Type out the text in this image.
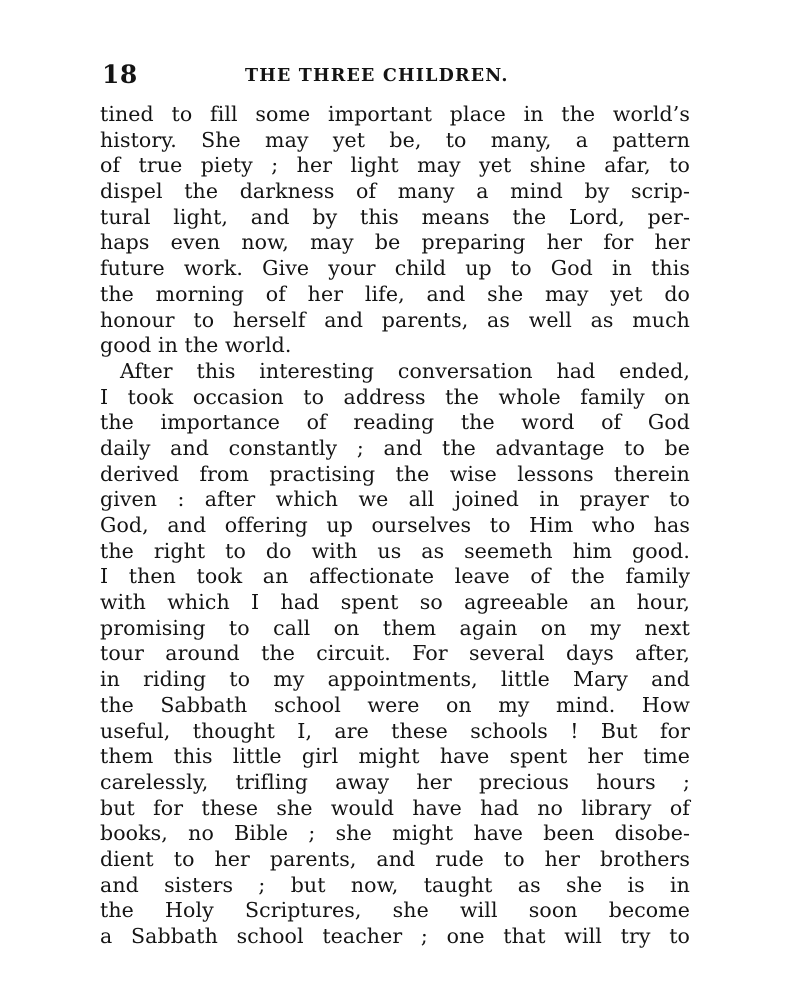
18	THE THREE CHILDREN.
tined to fill some important place in the world’s
history. She may yet be, to many, a pattern
of true piety ; her light may yet shine afar, to
dispel the darkness of many a mind by scrip-
tural light, and by this means the Lord, per-
haps even now, may be preparing her for her
future work. Give your child up to God in this
the morning of her life, and she may yet do
honour to herself and parents, as well as much
good in the world.
After this interesting conversation had ended,
I took occasion to address the whole family on
the importance of reading the word of God
daily and constantly ; and the advantage to be
derived from practising the wise lessons therein
given : after which we all joined in prayer to
God, and offering up ourselves to Him who has
the right to do with us as seemeth him good.
I then took an affectionate leave of the family
with which I had spent so agreeable an hour,
promising to call on them again on my next
tour around the circuit. For several days after,
in riding to my appointments, little Mary and
the Sabbath school were on my mind. How
useful, thought I, are these schools ! But for
them this little girl might have spent her time
carelessly, trifling away her precious hours ;
but for these she would have had no library of
books, no Bible ; she might have been disobe-
dient to her parents, and rude to her brothers
and sisters ; but now, taught as she is in
the Holy Scriptures, she will soon become
a Sabbath school teacher ; one that will try to
